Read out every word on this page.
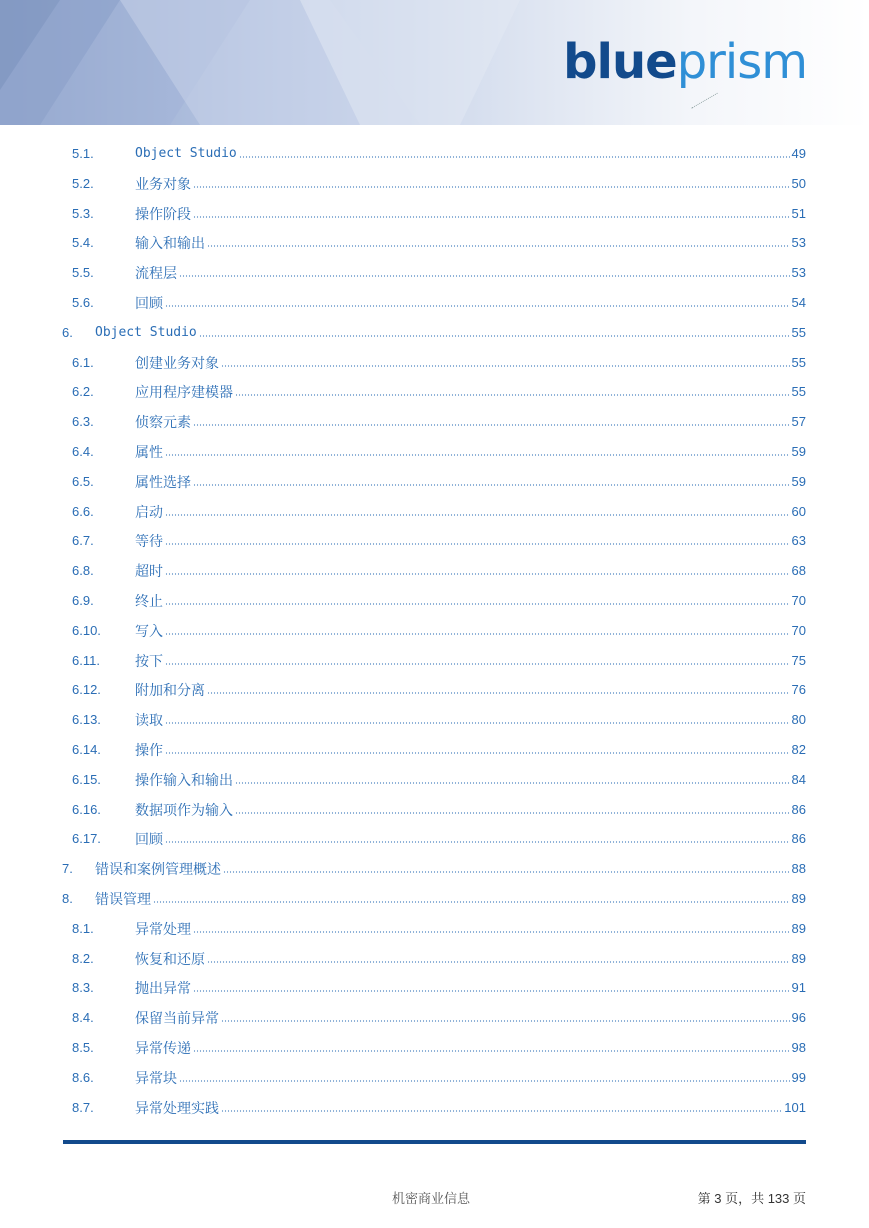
blueprism
5.1.	Object Studio	49
5.2.	业务对象	50
5.3.	操作阶段	51
5.4.	输入和输出	53
5.5.	流程层	53
5.6.	回顾	54
6.	Object Studio	55
6.1.	创建业务对象	55
6.2.	应用程序建模器	55
6.3.	侦察元素	57
6.4.	属性	59
6.5.	属性选择	59
6.6.	启动	60
6.7.	等待	63
6.8.	超时	68
6.9.	终止	70
6.10.	写入	70
6.11.	按下	75
6.12.	附加和分离	76
6.13.	读取	80
6.14.	操作	82
6.15.	操作输入和输出	84
6.16.	数据项作为输入	86
6.17.	回顾	86
7.	错误和案例管理概述	88
8.	错误管理	89
8.1.	异常处理	89
8.2.	恢复和还原	89
8.3.	抛出异常	91
8.4.	保留当前异常	96
8.5.	异常传递	98
8.6.	异常块	99
8.7.	异常处理实践	101
机密商业信息	第 3 页，共 133 页
